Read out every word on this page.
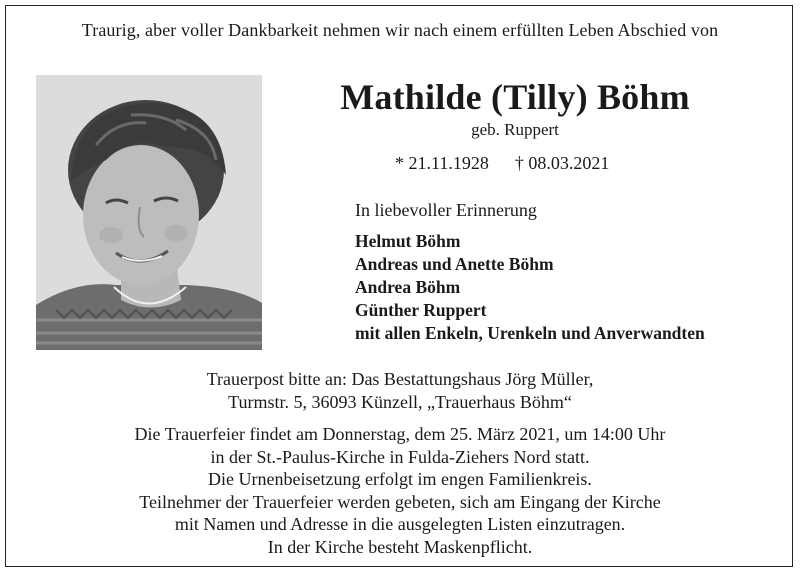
Traurig, aber voller Dankbarkeit nehmen wir nach einem erfüllten Leben Abschied von
Mathilde (Tilly) Böhm
geb. Ruppert
* 21.11.1928 † 08.03.2021
In liebevoller Erinnerung
Helmut Böhm
Andreas und Anette Böhm
Andrea Böhm
Günther Ruppert
mit allen Enkeln, Urenkeln und Anverwandten
Trauerpost bitte an: Das Bestattungshaus Jörg Müller,
Turmstr. 5, 36093 Künzell, „Trauerhaus Böhm“
Die Trauerfeier findet am Donnerstag, dem 25. März 2021, um 14:00 Uhr
in der St.-Paulus-Kirche in Fulda-Ziehers Nord statt.
Die Urnenbeisetzung erfolgt im engen Familienkreis.
Teilnehmer der Trauerfeier werden gebeten, sich am Eingang der Kirche
mit Namen und Adresse in die ausgelegten Listen einzutragen.
In der Kirche besteht Maskenpflicht.
